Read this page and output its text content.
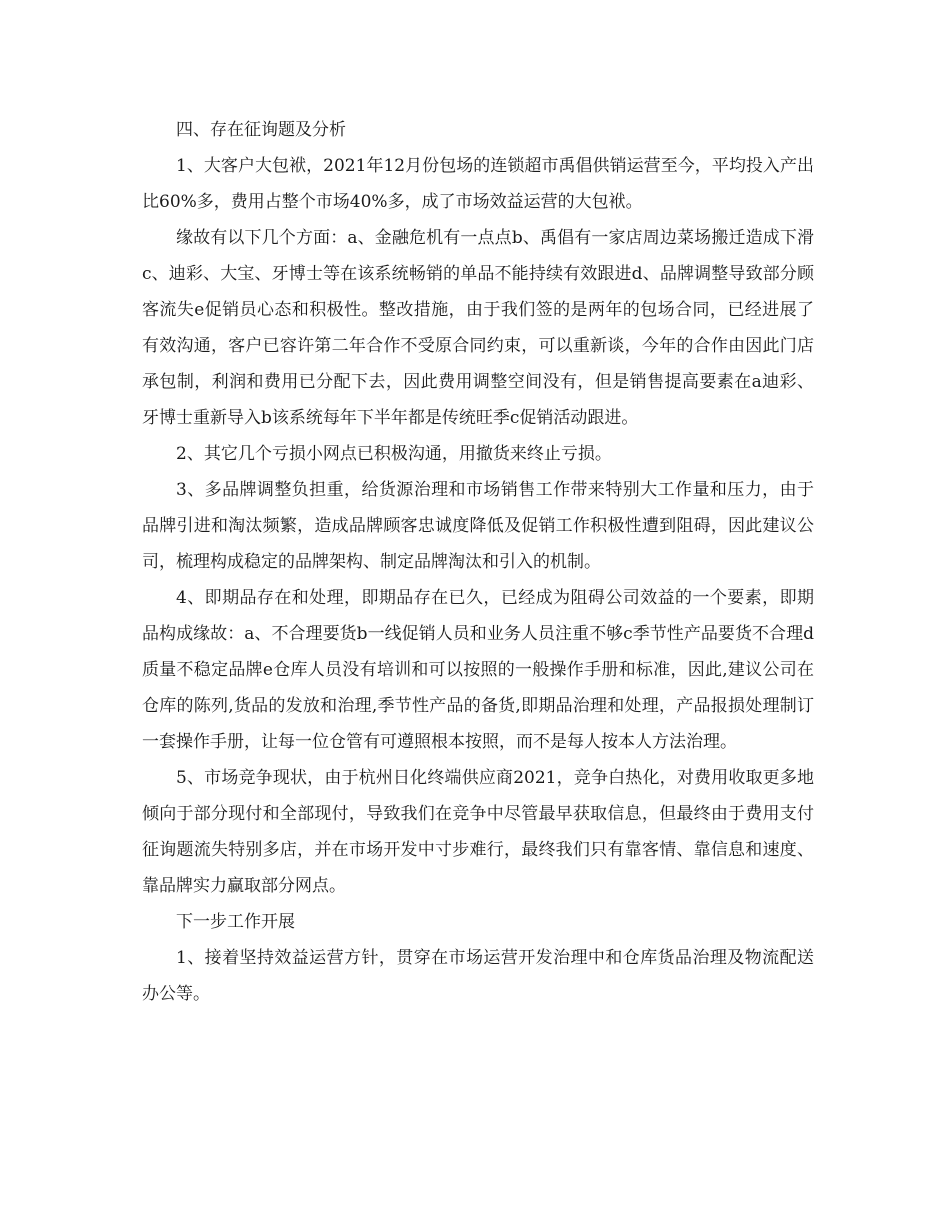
四、存在征询题及分析

1、大客户大包袱，2021年12月份包场的连锁超市禹倡供销运营至今，平均投入产出比60%多，费用占整个市场40%多，成了市场效益运营的大包袱。

缘故有以下几个方面：a、金融危机有一点点b、禹倡有一家店周边菜场搬迁造成下滑c、迪彩、大宝、牙博士等在该系统畅销的单品不能持续有效跟进d、品牌调整导致部分顾客流失e促销员心态和积极性。整改措施，由于我们签的是两年的包场合同，已经进展了有效沟通，客户已容许第二年合作不受原合同约束，可以重新谈，今年的合作由因此门店承包制，利润和费用已分配下去，因此费用调整空间没有，但是销售提高要素在a迪彩、牙博士重新导入b该系统每年下半年都是传统旺季c促销活动跟进。

2、其它几个亏损小网点已积极沟通，用撤货来终止亏损。

3、多品牌调整负担重，给货源治理和市场销售工作带来特别大工作量和压力，由于品牌引进和淘汰频繁，造成品牌顾客忠诚度降低及促销工作积极性遭到阻碍，因此建议公司，梳理构成稳定的品牌架构、制定品牌淘汰和引入的机制。

4、即期品存在和处理，即期品存在已久，已经成为阻碍公司效益的一个要素，即期品构成缘故：a、不合理要货b一线促销人员和业务人员注重不够c季节性产品要货不合理d质量不稳定品牌e仓库人员没有培训和可以按照的一般操作手册和标准，因此,建议公司在仓库的陈列,货品的发放和治理,季节性产品的备货,即期品治理和处理，产品报损处理制订一套操作手册，让每一位仓管有可遵照根本按照，而不是每人按本人方法治理。

5、市场竞争现状，由于杭州日化终端供应商2021，竞争白热化，对费用收取更多地倾向于部分现付和全部现付，导致我们在竞争中尽管最早获取信息，但最终由于费用支付征询题流失特别多店，并在市场开发中寸步难行，最终我们只有靠客情、靠信息和速度、靠品牌实力赢取部分网点。

下一步工作开展

1、接着坚持效益运营方针，贯穿在市场运营开发治理中和仓库货品治理及物流配送办公等。
